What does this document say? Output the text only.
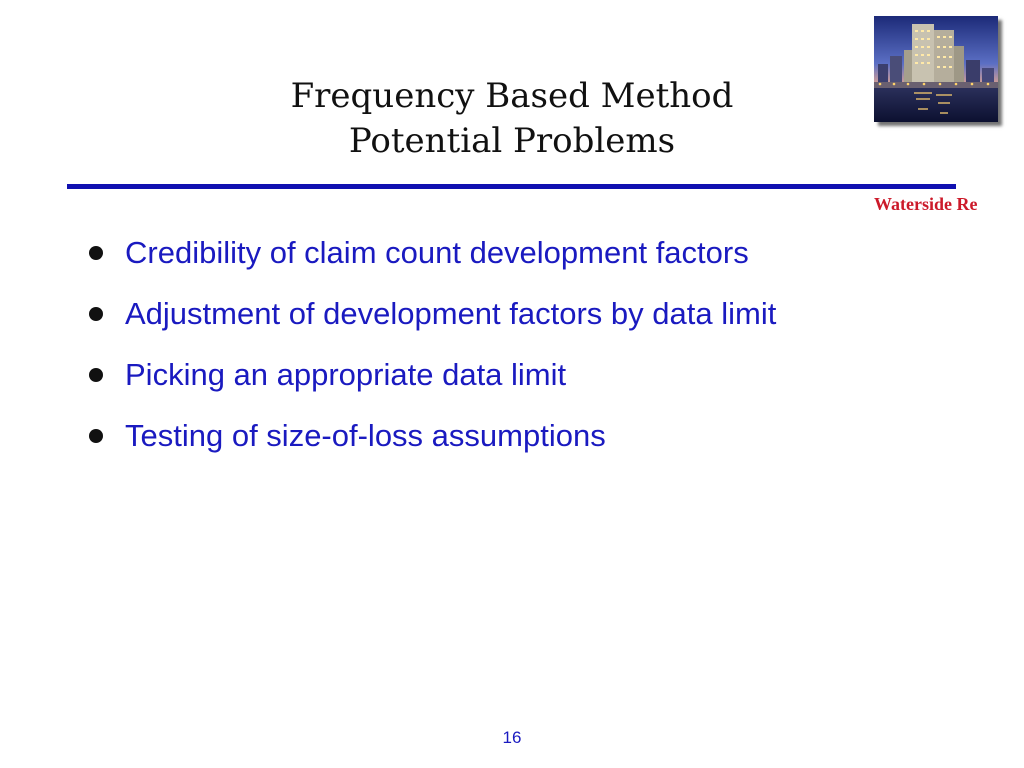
Frequency Based Method
Potential Problems
Waterside Re
Credibility of claim count development factors
Adjustment of development factors by data limit
Picking an appropriate data limit
Testing of size-of-loss assumptions
16
